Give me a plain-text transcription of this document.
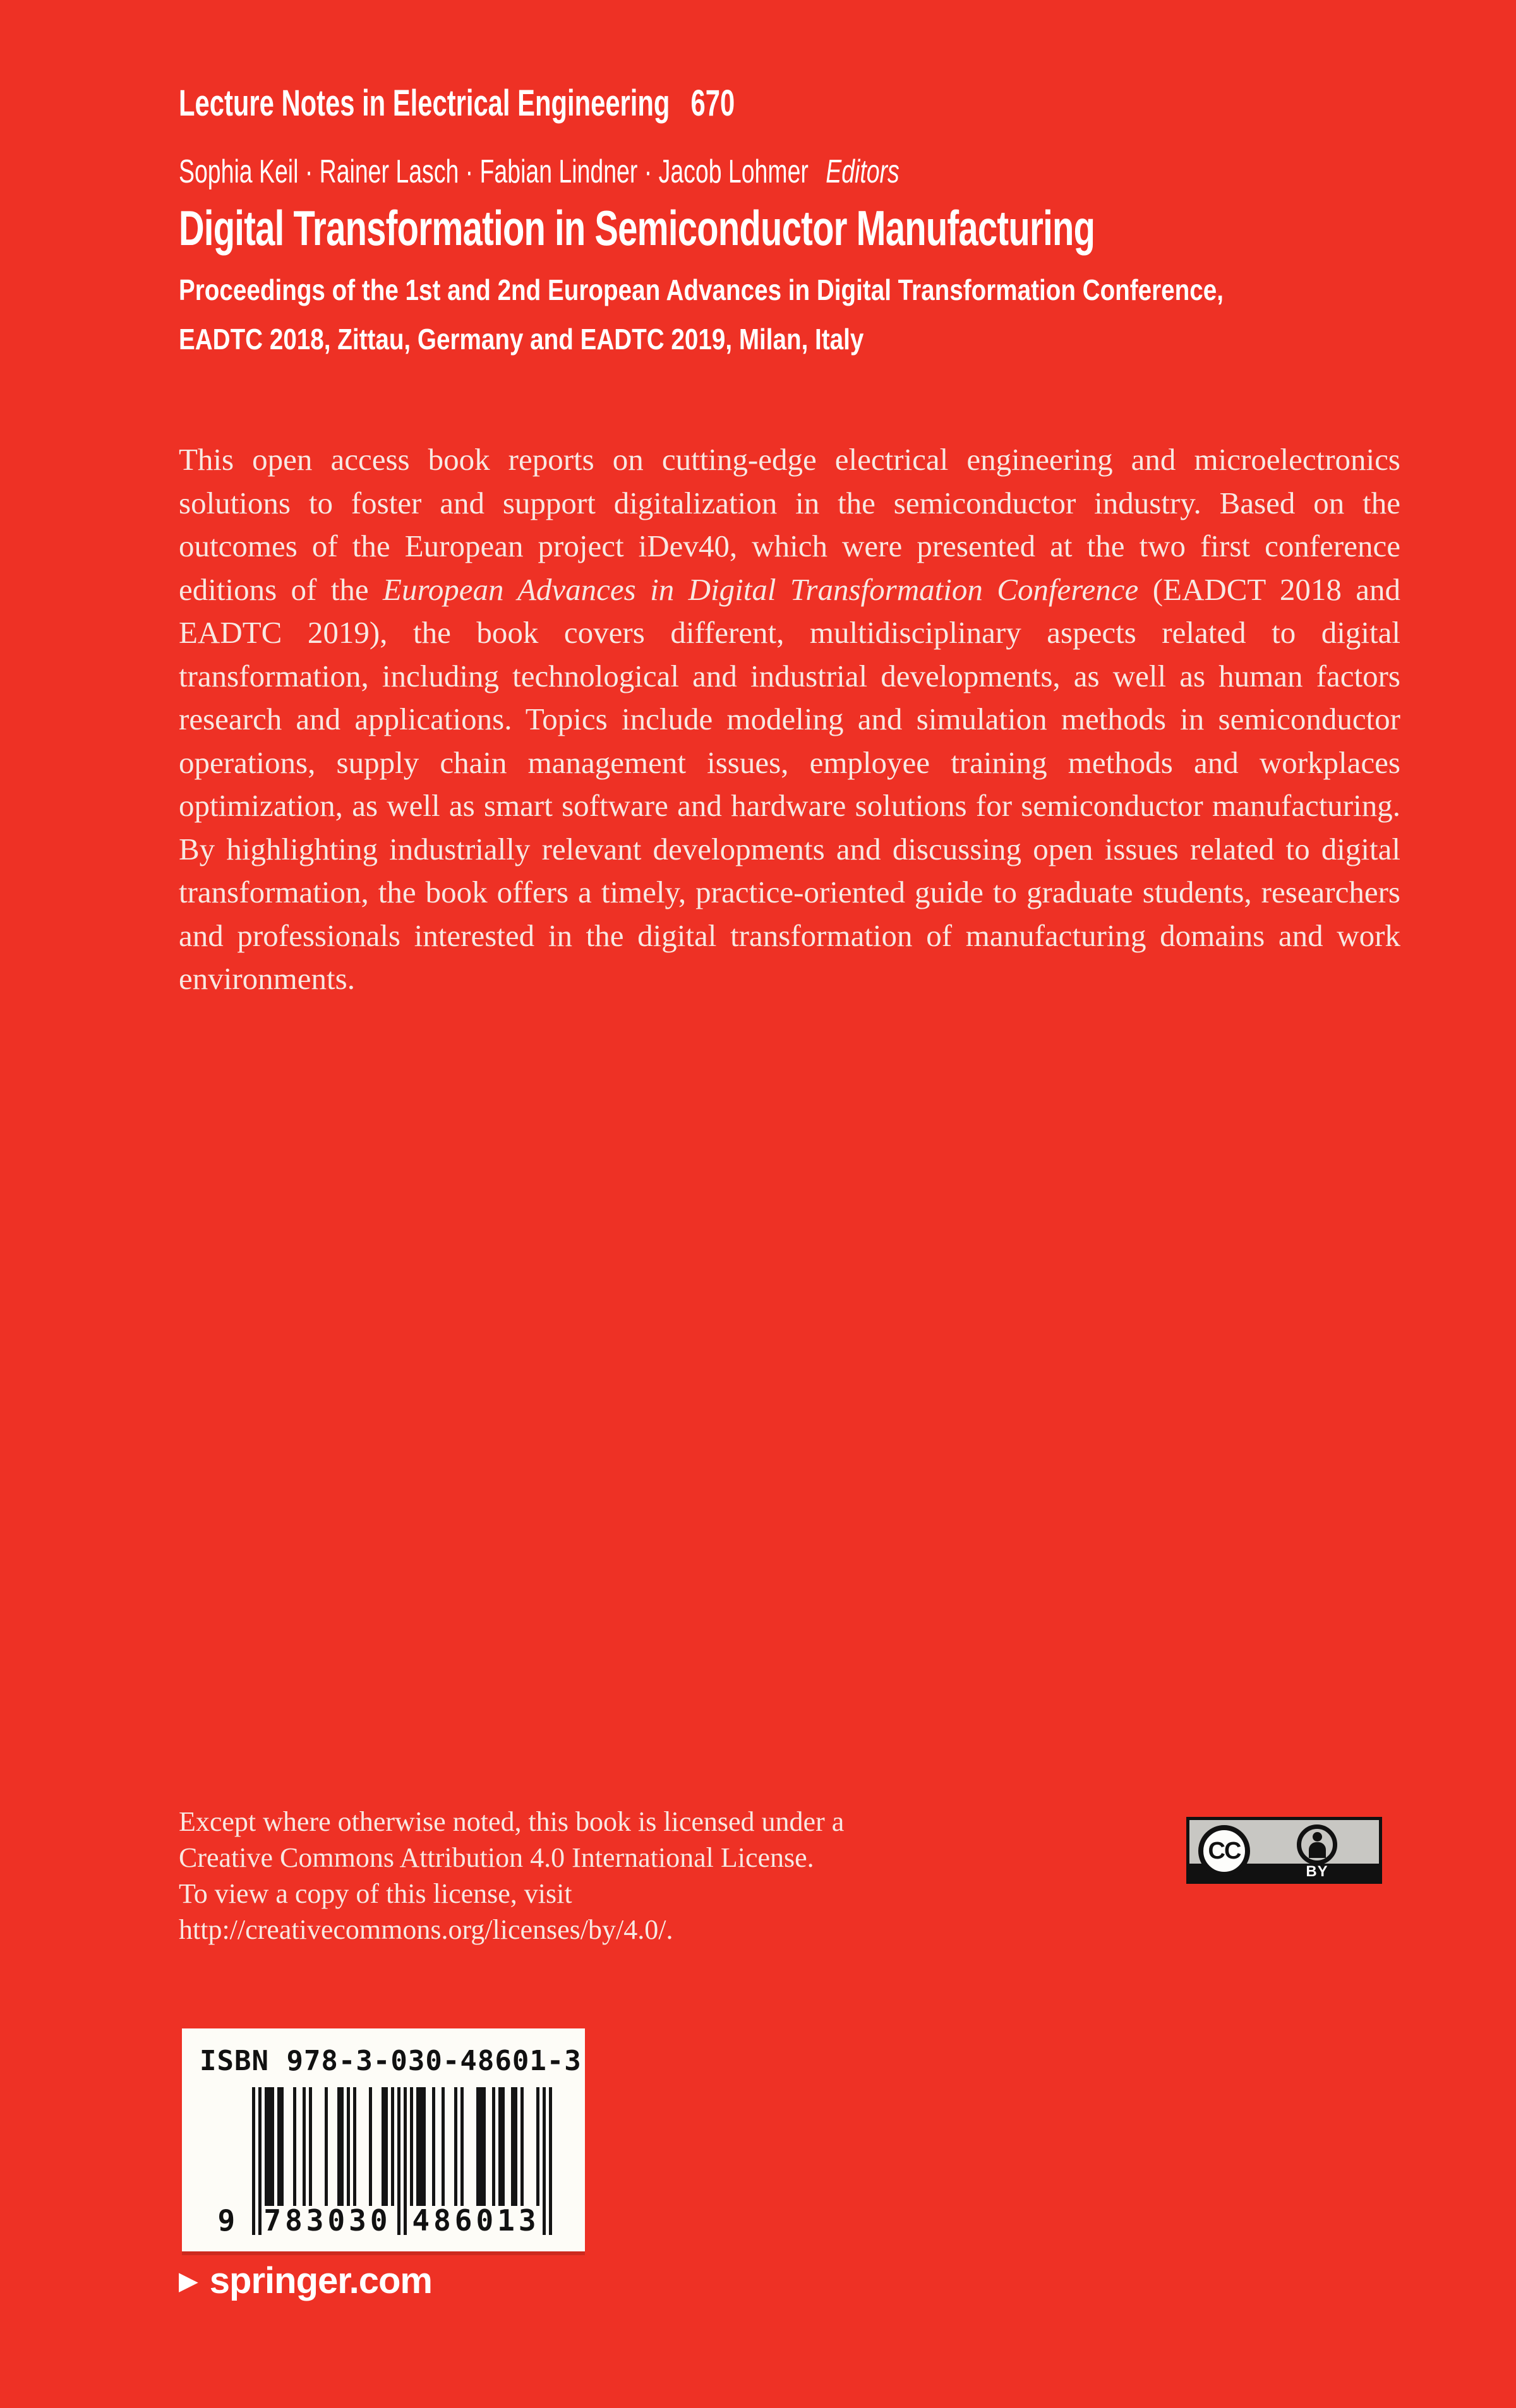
Lecture Notes in Electrical Engineering 670
Sophia Keil · Rainer Lasch · Fabian Lindner · Jacob Lohmer Editors
Digital Transformation in Semiconductor Manufacturing
Proceedings of the 1st and 2nd European Advances in Digital Transformation Conference,
EADTC 2018, Zittau, Germany and EADTC 2019, Milan, Italy

This open access book reports on cutting-edge electrical engineering and microelectronics solutions to foster and support digitalization in the semiconductor industry. Based on the outcomes of the European project iDev40, which were presented at the two first conference editions of the European Advances in Digital Transformation Conference (EADCT 2018 and EADTC 2019), the book covers different, multidisciplinary aspects related to digital transformation, including technological and industrial developments, as well as human factors research and applications. Topics include modeling and simulation methods in semiconductor operations, supply chain management issues, employee training methods and workplaces optimization, as well as smart software and hardware solutions for semiconductor manufacturing. By highlighting industrially relevant developments and discussing open issues related to digital transformation, the book offers a timely, practice-oriented guide to graduate students, researchers and professionals interested in the digital transformation of manufacturing domains and work environments.

Except where otherwise noted, this book is licensed under a
Creative Commons Attribution 4.0 International License.
To view a copy of this license, visit
http://creativecommons.org/licenses/by/4.0/.
CC
BY
ISBN 978-3-030-48601-3
9 783030 486013
▶ springer.com
